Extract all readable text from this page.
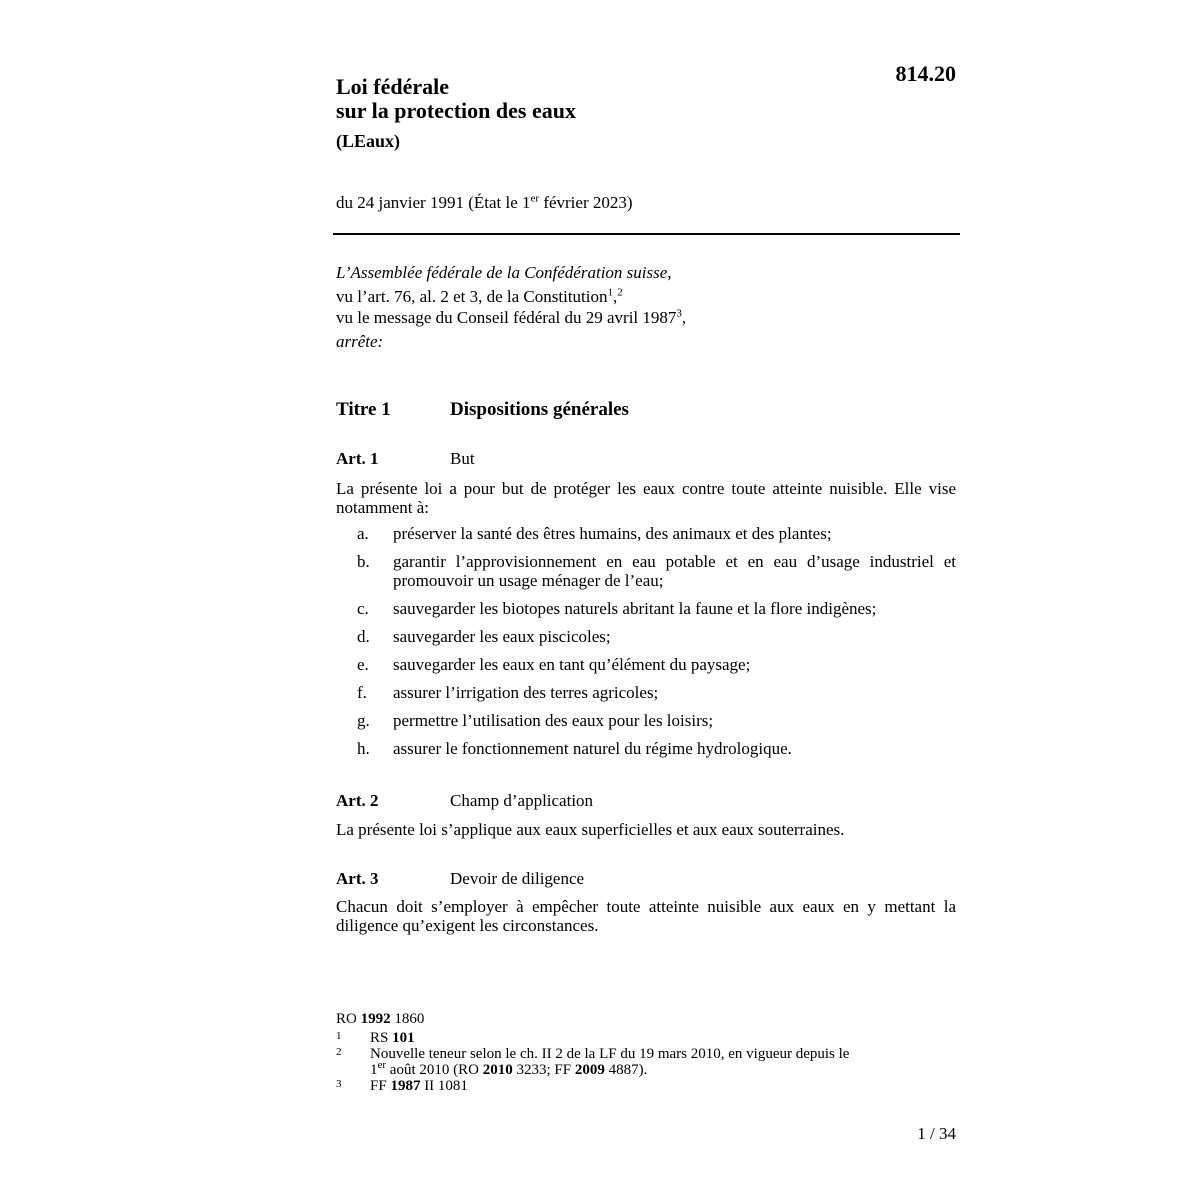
814.20
Loi fédérale
sur la protection des eaux
(LEaux)
du 24 janvier 1991 (État le 1er février 2023)
L’Assemblée fédérale de la Confédération suisse,
vu l’art. 76, al. 2 et 3, de la Constitution$^1$,$^2$
vu le message du Conseil fédéral du 29 avril 1987$^3$,
arrête:
Titre 1	Dispositions générales
Art. 1	But
La présente loi a pour but de protéger les eaux contre toute atteinte nuisible. Elle vise notamment à:
a. préserver la santé des êtres humains, des animaux et des plantes;
b. garantir l’approvisionnement en eau potable et en eau d’usage industriel et promouvoir un usage ménager de l’eau;
c. sauvegarder les biotopes naturels abritant la faune et la flore indigènes;
d. sauvegarder les eaux piscicoles;
e. sauvegarder les eaux en tant qu’élément du paysage;
f. assurer l’irrigation des terres agricoles;
g. permettre l’utilisation des eaux pour les loisirs;
h. assurer le fonctionnement naturel du régime hydrologique.
Art. 2	Champ d’application
La présente loi s’applique aux eaux superficielles et aux eaux souterraines.
Art. 3	Devoir de diligence
Chacun doit s’employer à empêcher toute atteinte nuisible aux eaux en y mettant la diligence qu’exigent les circonstances.
RO 1992 1860
1 RS 101
2 Nouvelle teneur selon le ch. II 2 de la LF du 19 mars 2010, en vigueur depuis le
1er août 2010 (RO 2010 3233; FF 2009 4887).
3 FF 1987 II 1081
1 / 34
